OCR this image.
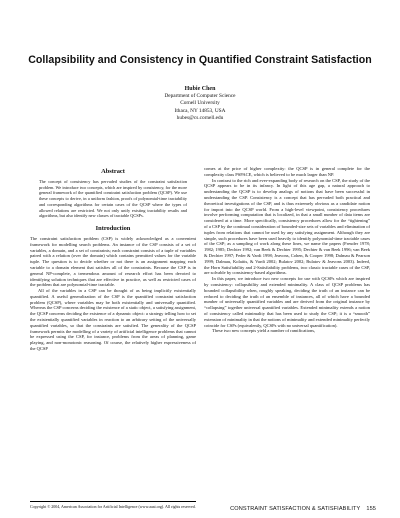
Collapsibility and Consistency in Quantified Constraint Satisfaction
Hubie Chen
Department of Computer Science
Cornell University
Ithaca, NY 14853, USA
hubes@cs.cornell.edu
Abstract

The concept of consistency has pervaded studies of the constraint satisfaction problem. We introduce two concepts, which are inspired by consistency, for the more general framework of the quantified constraint satisfaction problem (QCSP). We use these concepts to derive, in a uniform fashion, proofs of polynomial-time tractability and corresponding algorithms for certain cases of the QCSP where the types of allowed relations are restricted. We not only unify existing tractability results and algorithms, but also identify new classes of tractable QCSPs.

Introduction

The constraint satisfaction problem (CSP) is widely acknowledged as a convenient framework for modelling search problems. An instance of the CSP consists of a set of variables, a domain, and a set of constraints; each constraint consists of a tuple of variables paired with a relation (over the domain) which contains permitted values for the variable tuple. The question is to decide whether or not there is an assignment mapping each variable to a domain element that satisfies all of the constraints. Because the CSP is in general NP-complete, a tremendous amount of research effort has been devoted to identifying solution techniques that are effective in practice, as well as restricted cases of the problem that are polynomial-time tractable.

All of the variables in a CSP can be thought of as being implicitly existentially quantified. A useful generalization of the CSP is the quantified constraint satisfaction problem (QCSP), where variables may be both existentially and universally quantified. Whereas the CSP concerns deciding the existence of a static object, a satisfying assignment, the QCSP concerns deciding the existence of a dynamic object: a strategy telling how to set the existentially quantified variables in reaction to an arbitrary setting of the universally quantified variables, so that the constraints are satisfied. The generality of the QCSP framework permits the modelling of a variety of artificial intelligence problems that cannot be expressed using the CSP, for instance, problems from the areas of planning, game playing, and non-monotonic reasoning. Of course, the relatively higher expressiveness of the QCSP

comes at the price of higher complexity: the QCSP is in general complete for the complexity class PSPACE, which is believed to be much larger than NP.

In contrast to the rich and ever-expanding body of research on the CSP, the study of the QCSP appears to be in its infancy. In light of this age gap, a natural approach to understanding the QCSP is to develop analogs of notions that have been successful in understanding the CSP. Consistency is a concept that has pervaded both practical and theoretical investigations of the CSP, and is thus extremely obvious as a candidate notion for import into the QCSP world. From a high-level viewpoint, consistency procedures involve performing computation that is localized, in that a small number of data items are considered at a time. More specifically, consistency procedures allow for the “tightening” of a CSP by the continual consideration of bounded-size sets of variables and elimination of tuples from relations that cannot be used by any satisfying assignment. Although they are simple, such procedures have been used heavily to identify polynomial-time tractable cases of the CSP; as a sampling of work along these lines, we name the papers (Freuder 1978; 1982; 1985; Dechter 1992; van Beek & Dechter 1995; Dechter & van Beek 1996; van Beek & Dechter 1997; Feder & Vardi 1998; Jeavons, Cohen, & Cooper 1998; Dalmau & Pearson 1999; Dalmau, Kolaitis, & Vardi 2002; Bulatov 2002; Bulatov & Jeavons 2003). Indeed, the Horn Satisfiability and 2-Satisfiability problems, two classic tractable cases of the CSP, are solvable by consistency-based algorithms.

In this paper, we introduce two new concepts for use with QCSPs which are inspired by consistency: collapsibility and extended minimality. A class of QCSP problems has bounded collapsibility when, roughly speaking, deciding the truth of an instance can be reduced to deciding the truth of an ensemble of instances, all of which have a bounded number of universally quantified variables and are derived from the original instance by “collapsing” together universal quantified variables. Extended minimality extends a notion of consistency called minimality that has been used to study the CSP; it is a “smooth” extension of minimality in that the notions of minimality and extended minimality perfectly coincide for CSPs (equivalently, QCSPs with no universal quantification).

These two new concepts yield a number of ramifications,

Copyright © 2004, American Association for Artificial Intelligence (www.aaai.org). All rights reserved.	CONSTRAINT SATISFACTION & SATISFIABILITY 155
